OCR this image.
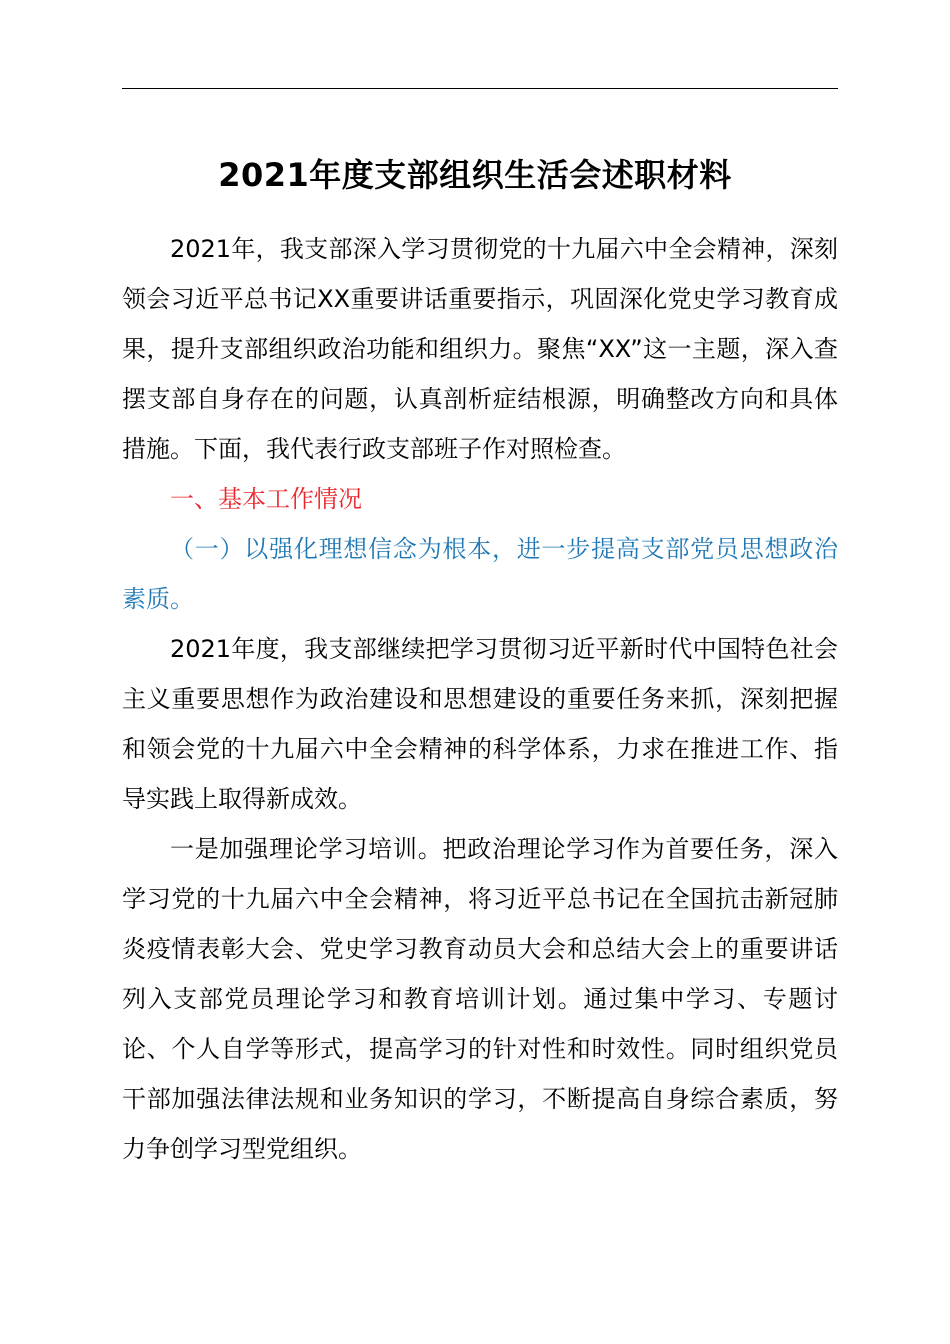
2021年度支部组织生活会述职材料

2021年，我支部深入学习贯彻党的十九届六中全会精神，深刻领会习近平总书记XX重要讲话重要指示，巩固深化党史学习教育成果，提升支部组织政治功能和组织力。聚焦“XX”这一主题，深入查摆支部自身存在的问题，认真剖析症结根源，明确整改方向和具体措施。下面，我代表行政支部班子作对照检查。

一、基本工作情况

（一）以强化理想信念为根本，进一步提高支部党员思想政治素质。

2021年度，我支部继续把学习贯彻习近平新时代中国特色社会主义重要思想作为政治建设和思想建设的重要任务来抓，深刻把握和领会党的十九届六中全会精神的科学体系，力求在推进工作、指导实践上取得新成效。

一是加强理论学习培训。把政治理论学习作为首要任务，深入学习党的十九届六中全会精神，将习近平总书记在全国抗击新冠肺炎疫情表彰大会、党史学习教育动员大会和总结大会上的重要讲话列入支部党员理论学习和教育培训计划。通过集中学习、专题讨论、个人自学等形式，提高学习的针对性和时效性。同时组织党员干部加强法律法规和业务知识的学习，不断提高自身综合素质，努力争创学习型党组织。
